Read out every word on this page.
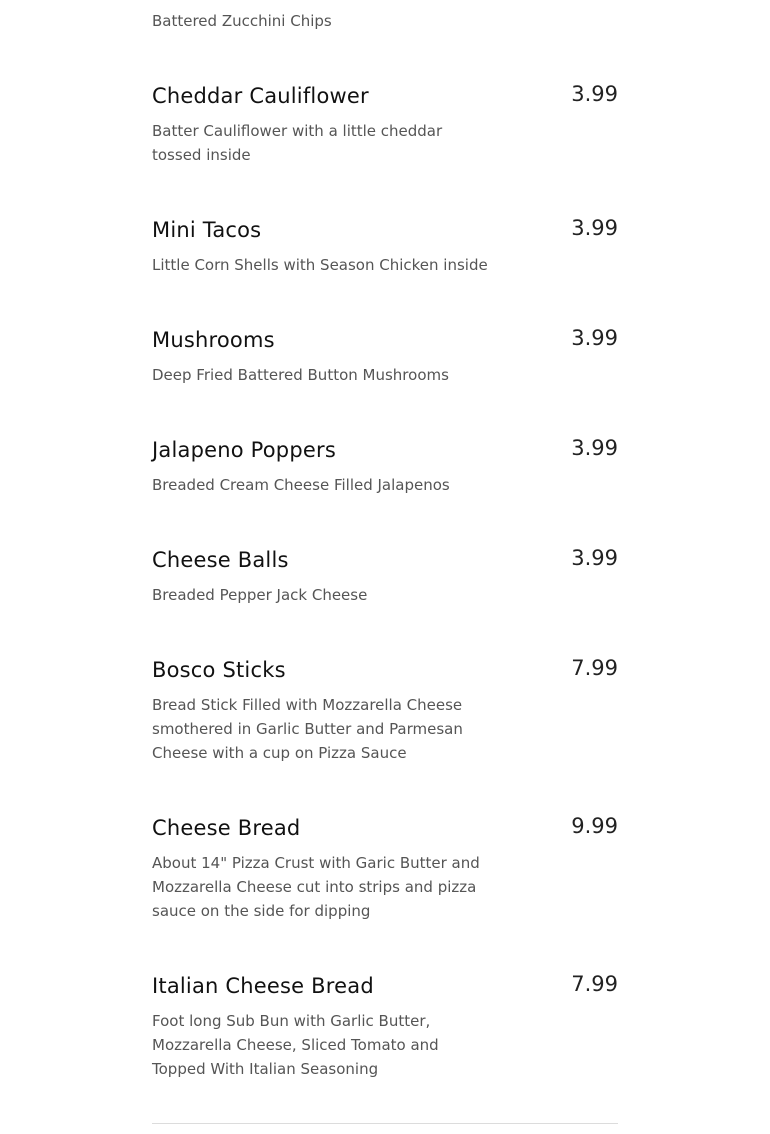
Battered Zucchini Chips
Cheddar Cauliflower
Batter Cauliflower with a little cheddar tossed inside
3.99
Mini Tacos
Little Corn Shells with Season Chicken inside
3.99
Mushrooms
Deep Fried Battered Button Mushrooms
3.99
Jalapeno Poppers
Breaded Cream Cheese Filled Jalapenos
3.99
Cheese Balls
Breaded Pepper Jack Cheese
3.99
Bosco Sticks
Bread Stick Filled with Mozzarella Cheese smothered in Garlic Butter and Parmesan Cheese with a cup on Pizza Sauce
7.99
Cheese Bread
About 14" Pizza Crust with Garic Butter and Mozzarella Cheese cut into strips and pizza sauce on the side for dipping
9.99
Italian Cheese Bread
Foot long Sub Bun with Garlic Butter, Mozzarella Cheese, Sliced Tomato and Topped With Italian Seasoning
7.99
